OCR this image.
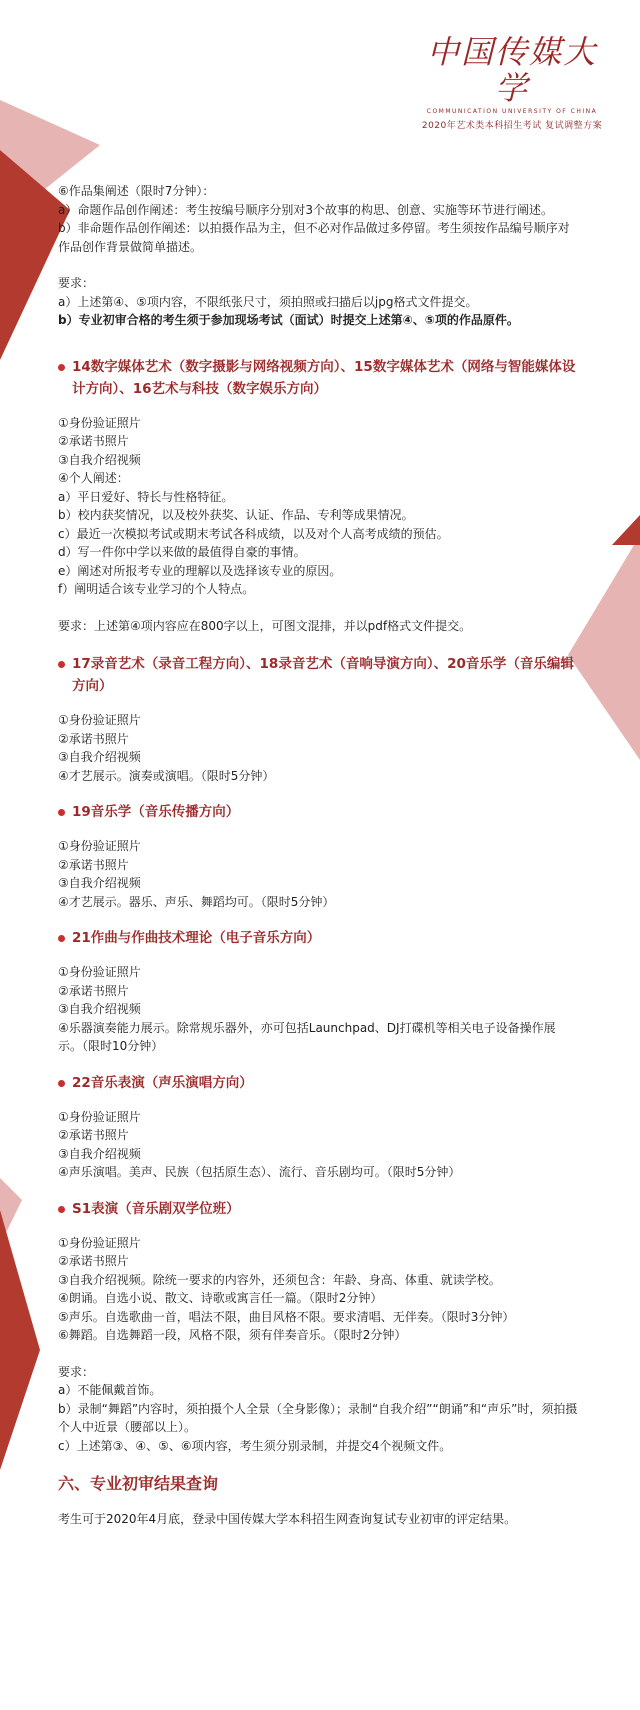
中国传媒大学
COMMUNICATION UNIVERSITY OF CHINA
2020年艺术类本科招生考试 复试调整方案
⑥作品集阐述（限时7分钟）：
a）命题作品创作阐述：考生按编号顺序分别对3个故事的构思、创意、实施等环节进行阐述。
b）非命题作品创作阐述：以拍摄作品为主，但不必对作品做过多停留。考生须按作品编号顺序对作品创作背景做简单描述。
要求：
a）上述第④、⑤项内容，不限纸张尺寸，须拍照或扫描后以jpg格式文件提交。
b）专业初审合格的考生须于参加现场考试（面试）时提交上述第④、⑤项的作品原件。
14数字媒体艺术（数字摄影与网络视频方向）、15数字媒体艺术（网络与智能媒体设计方向）、16艺术与科技（数字娱乐方向）
①身份验证照片
②承诺书照片
③自我介绍视频
④个人阐述：
a）平日爱好、特长与性格特征。
b）校内获奖情况，以及校外获奖、认证、作品、专利等成果情况。
c）最近一次模拟考试或期末考试各科成绩，以及对个人高考成绩的预估。
d）写一件你中学以来做的最值得自豪的事情。
e）阐述对所报考专业的理解以及选择该专业的原因。
f）阐明适合该专业学习的个人特点。
要求：上述第④项内容应在800字以上，可图文混排，并以pdf格式文件提交。
17录音艺术（录音工程方向）、18录音艺术（音响导演方向）、20音乐学（音乐编辑方向）
①身份验证照片
②承诺书照片
③自我介绍视频
④才艺展示。演奏或演唱。（限时5分钟）
19音乐学（音乐传播方向）
①身份验证照片
②承诺书照片
③自我介绍视频
④才艺展示。器乐、声乐、舞蹈均可。（限时5分钟）
21作曲与作曲技术理论（电子音乐方向）
①身份验证照片
②承诺书照片
③自我介绍视频
④乐器演奏能力展示。除常规乐器外，亦可包括Launchpad、DJ打碟机等相关电子设备操作展示。（限时10分钟）
22音乐表演（声乐演唱方向）
①身份验证照片
②承诺书照片
③自我介绍视频
④声乐演唱。美声、民族（包括原生态）、流行、音乐剧均可。（限时5分钟）
S1表演（音乐剧双学位班）
①身份验证照片
②承诺书照片
③自我介绍视频。除统一要求的内容外，还须包含：年龄、身高、体重、就读学校。
④朗诵。自选小说、散文、诗歌或寓言任一篇。（限时2分钟）
⑤声乐。自选歌曲一首，唱法不限，曲目风格不限。要求清唱、无伴奏。（限时3分钟）
⑥舞蹈。自选舞蹈一段，风格不限，须有伴奏音乐。（限时2分钟）
要求：
a）不能佩戴首饰。
b）录制“舞蹈”内容时，须拍摄个人全景（全身影像）；录制“自我介绍”“朗诵”和“声乐”时，须拍摄个人中近景（腰部以上）。
c）上述第③、④、⑤、⑥项内容，考生须分别录制，并提交4个视频文件。
六、专业初审结果查询
考生可于2020年4月底，登录中国传媒大学本科招生网查询复试专业初审的评定结果。
